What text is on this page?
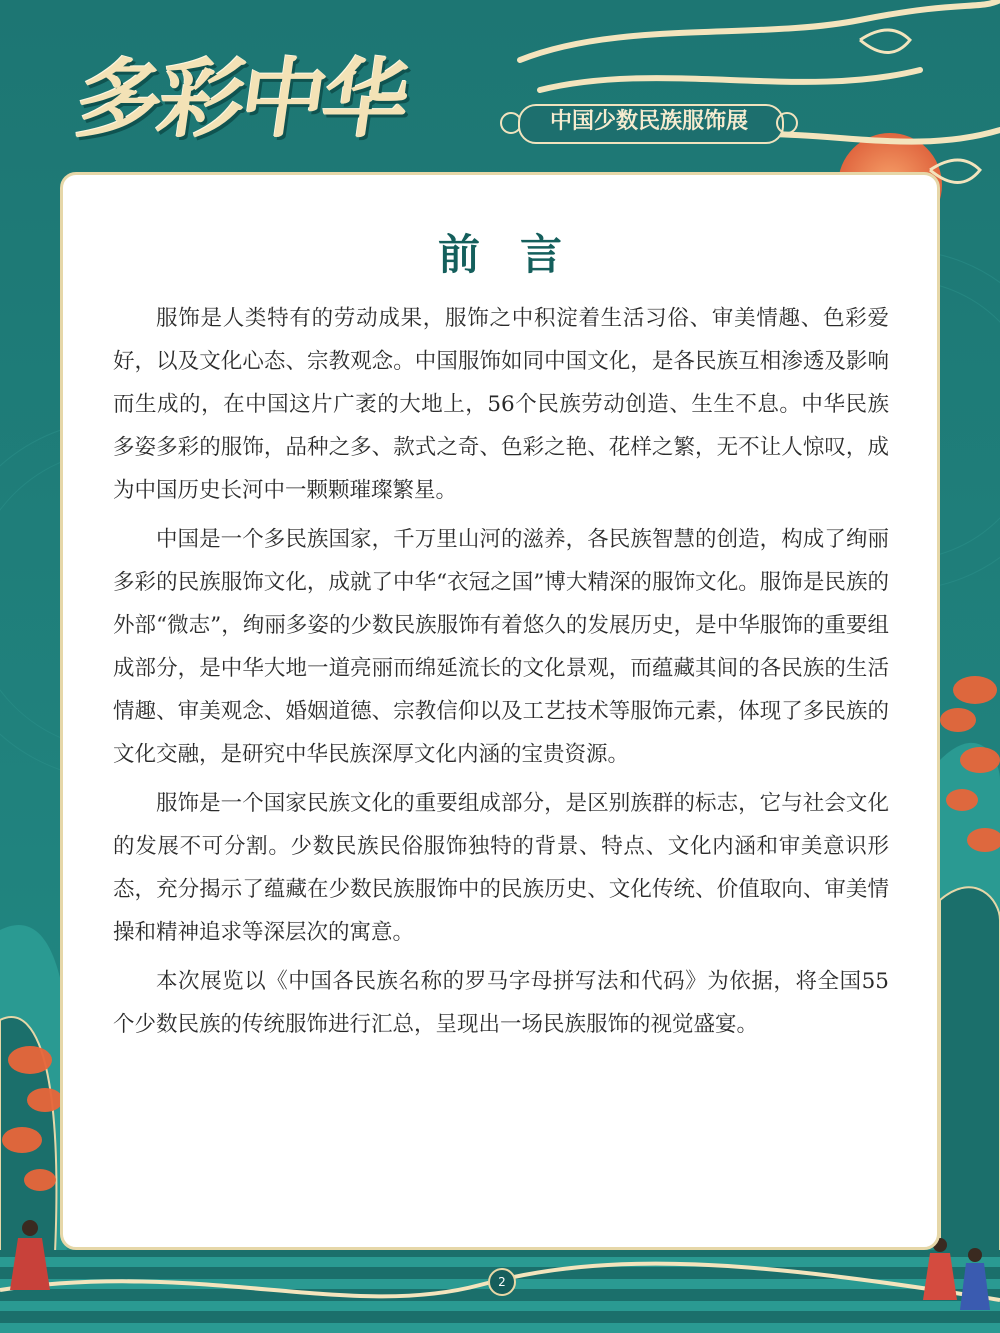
多彩中华	中国少数民族服饰展
前言

服饰是人类特有的劳动成果，服饰之中积淀着生活习俗、审美情趣、色彩爱好，以及文化心态、宗教观念。中国服饰如同中国文化，是各民族互相渗透及影响而生成的，在中国这片广袤的大地上，56个民族劳动创造、生生不息。中华民族多姿多彩的服饰，品种之多、款式之奇、色彩之艳、花样之繁，无不让人惊叹，成为中国历史长河中一颗颗璀璨繁星。

中国是一个多民族国家，千万里山河的滋养，各民族智慧的创造，构成了绚丽多彩的民族服饰文化，成就了中华“衣冠之国”博大精深的服饰文化。服饰是民族的外部“微志”，绚丽多姿的少数民族服饰有着悠久的发展历史，是中华服饰的重要组成部分，是中华大地一道亮丽而绵延流长的文化景观，而蕴藏其间的各民族的生活情趣、审美观念、婚姻道德、宗教信仰以及工艺技术等服饰元素，体现了多民族的文化交融，是研究中华民族深厚文化内涵的宝贵资源。

服饰是一个国家民族文化的重要组成部分，是区别族群的标志，它与社会文化的发展不可分割。少数民族民俗服饰独特的背景、特点、文化内涵和审美意识形态，充分揭示了蕴藏在少数民族服饰中的民族历史、文化传统、价值取向、审美情操和精神追求等深层次的寓意。

本次展览以《中国各民族名称的罗马字母拼写法和代码》为依据，将全国55个少数民族的传统服饰进行汇总，呈现出一场民族服饰的视觉盛宴。

2
